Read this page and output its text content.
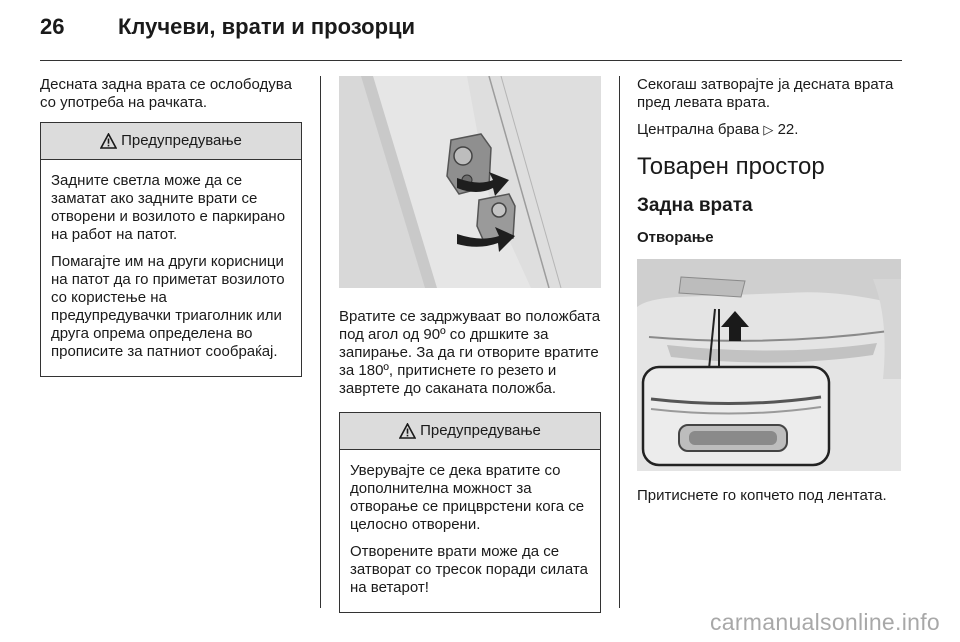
26 Клучеви, врати и прозорци

Десната задна врата се ослободува со употреба на рачката.

Предупредување

Задните светла може да се заматат ако задните врати се отворени и возилото е паркирано на работ на патот.

Помагајте им на други корисници на патот да го приметат возилото со користење на предупредувачки триаголник или друга опрема определена во прописите за патниот сообраќај.

Вратите се задржуваат во положбата под агол од 90º со дршките за запирање. За да ги отворите вратите за 180º, притиснете го резето и завртете до саканата положба.

Предупредување

Уверувајте се дека вратите со дополнителна можност за отворање се прицврстени кога се целосно отворени.

Отворените врати може да се затворат со тресок поради силата на ветарот!

Секогаш затворајте ја десната врата пред левата врата.

Централна брава ▷ 22.

Товарен простор
Задна врата
Отворање

Притиснете го копчето под лентата.

carmanualsonline.info
